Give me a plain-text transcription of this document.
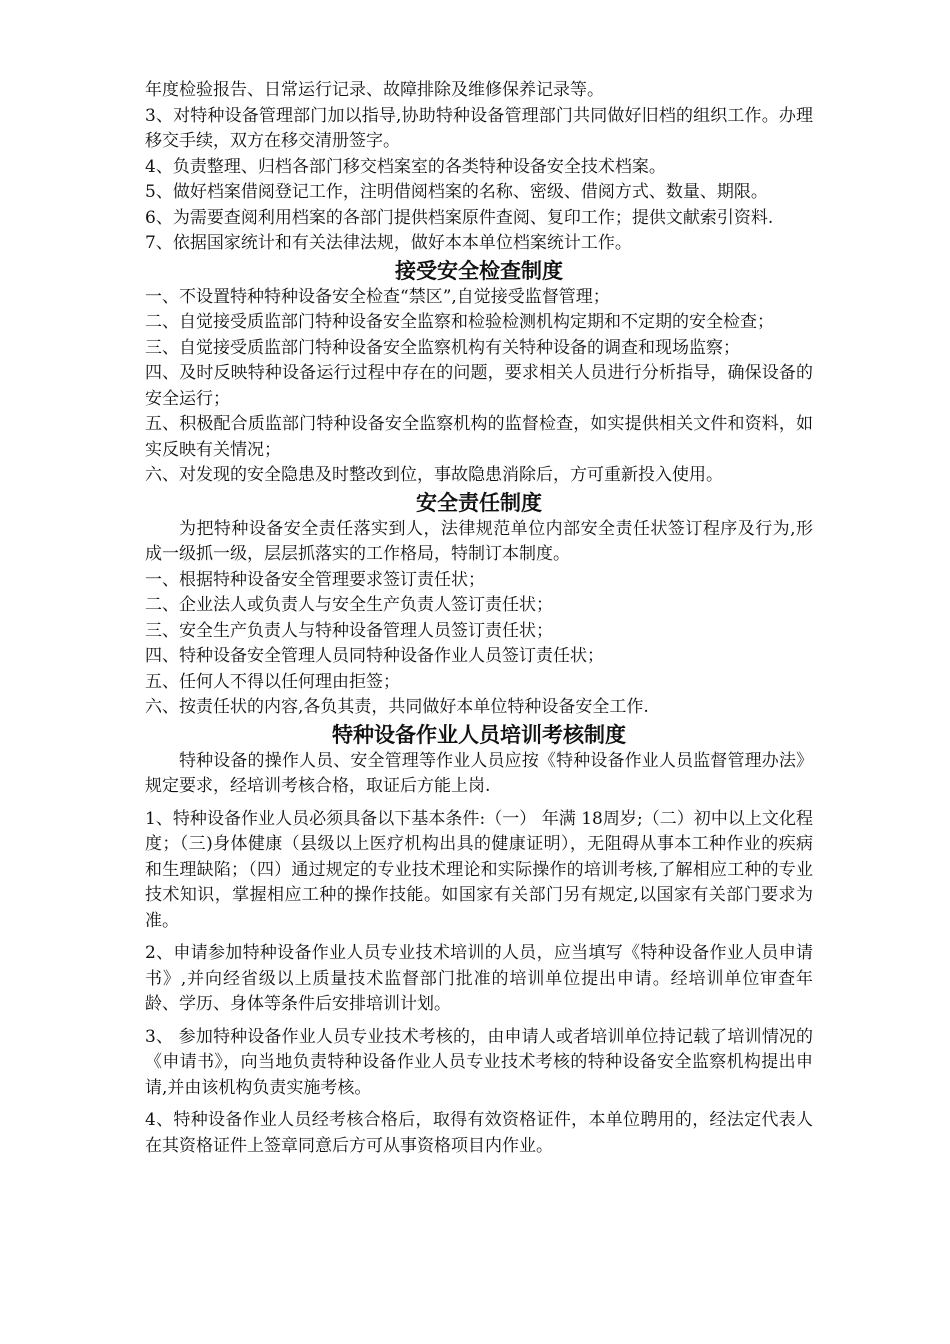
年度检验报告、日常运行记录、故障排除及维修保养记录等。

3、对特种设备管理部门加以指导,协助特种设备管理部门共同做好旧档的组织工作。办理移交手续，双方在移交清册签字。

4、负责整理、归档各部门移交档案室的各类特种设备安全技术档案。

5、做好档案借阅登记工作，注明借阅档案的名称、密级、借阅方式、数量、期限。

6、为需要查阅利用档案的各部门提供档案原件查阅、复印工作；提供文献索引资料.

7、依据国家统计和有关法律法规，做好本本单位档案统计工作。

接受安全检查制度

一、不设置特种特种设备安全检查“禁区”,自觉接受监督管理；

二、自觉接受质监部门特种设备安全监察和检验检测机构定期和不定期的安全检查；

三、自觉接受质监部门特种设备安全监察机构有关特种设备的调查和现场监察；

四、及时反映特种设备运行过程中存在的问题，要求相关人员进行分析指导，确保设备的安全运行；

五、积极配合质监部门特种设备安全监察机构的监督检查，如实提供相关文件和资料，如实反映有关情况；

六、对发现的安全隐患及时整改到位，事故隐患消除后，方可重新投入使用。

安全责任制度

为把特种设备安全责任落实到人，法律规范单位内部安全责任状签订程序及行为,形成一级抓一级，层层抓落实的工作格局，特制订本制度。

一、根据特种设备安全管理要求签订责任状；

二、企业法人或负责人与安全生产负责人签订责任状；

三、安全生产负责人与特种设备管理人员签订责任状；

四、特种设备安全管理人员同特种设备作业人员签订责任状；

五、任何人不得以任何理由拒签；

六、按责任状的内容,各负其责，共同做好本单位特种设备安全工作.

特种设备作业人员培训考核制度

特种设备的操作人员、安全管理等作业人员应按《特种设备作业人员监督管理办法》规定要求，经培训考核合格，取证后方能上岗.

1、特种设备作业人员必须具备以下基本条件:（一） 年满 18周岁;（二）初中以上文化程度；（三)身体健康（县级以上医疗机构出具的健康证明），无阻碍从事本工种作业的疾病和生理缺陷；（四）通过规定的专业技术理论和实际操作的培训考核,了解相应工种的专业技术知识，掌握相应工种的操作技能。如国家有关部门另有规定,以国家有关部门要求为准。

2、申请参加特种设备作业人员专业技术培训的人员，应当填写《特种设备作业人员申请书》,并向经省级以上质量技术监督部门批准的培训单位提出申请。经培训单位审查年龄、学历、身体等条件后安排培训计划。

3、 参加特种设备作业人员专业技术考核的，由申请人或者培训单位持记载了培训情况的《申请书》，向当地负责特种设备作业人员专业技术考核的特种设备安全监察机构提出申请,并由该机构负责实施考核。

4、特种设备作业人员经考核合格后，取得有效资格证件，本单位聘用的，经法定代表人在其资格证件上签章同意后方可从事资格项目内作业。
